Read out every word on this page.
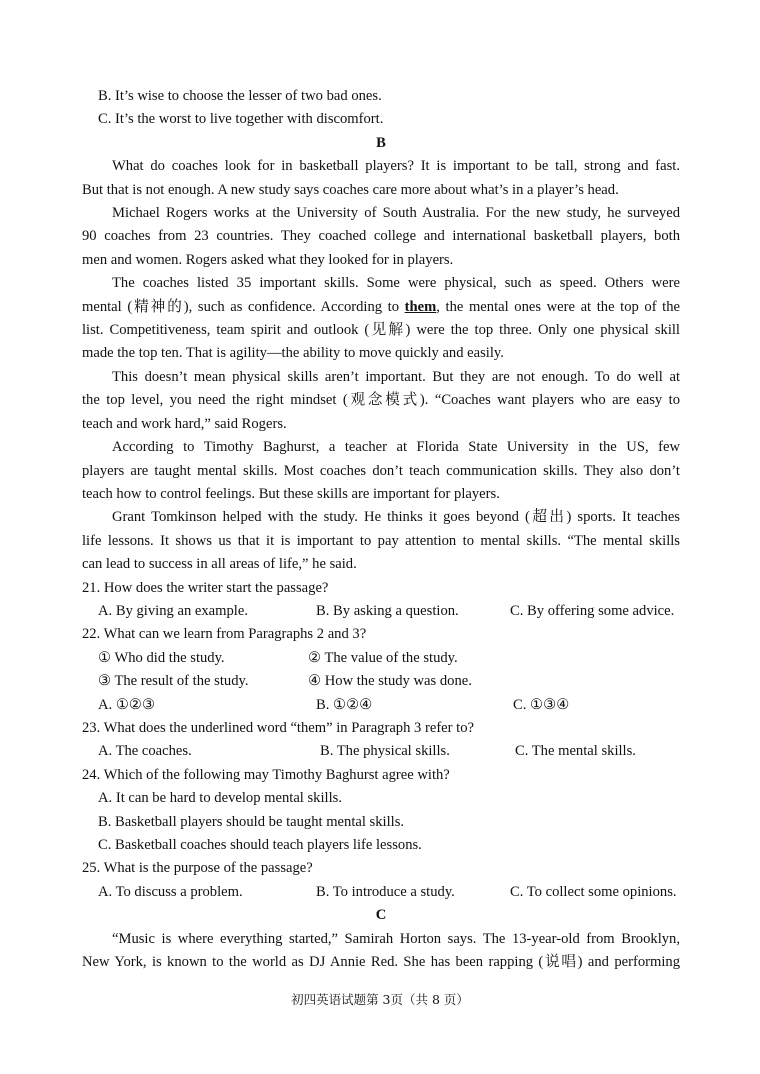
B. It’s wise to choose the lesser of two bad ones.
C. It’s the worst to live together with discomfort.
B
What do coaches look for in basketball players? It is important to be tall, strong and fast.
But that is not enough. A new study says coaches care more about what’s in a player’s head.
Michael Rogers works at the University of South Australia. For the new study, he surveyed
90 coaches from 23 countries. They coached college and international basketball players, both
men and women. Rogers asked what they looked for in players.
The coaches listed 35 important skills. Some were physical, such as speed. Others were
mental (精神的), such as confidence. According to them, the mental ones were at the top of the
list. Competitiveness, team spirit and outlook (见解) were the top three. Only one physical skill
made the top ten. That is agility—the ability to move quickly and easily.
This doesn’t mean physical skills aren’t important. But they are not enough. To do well at
the top level, you need the right mindset (观念模式). “Coaches want players who are easy to
teach and work hard,” said Rogers.
According to Timothy Baghurst, a teacher at Florida State University in the US, few
players are taught mental skills. Most coaches don’t teach communication skills. They also don’t
teach how to control feelings. But these skills are important for players.
Grant Tomkinson helped with the study. He thinks it goes beyond (超出) sports. It teaches
life lessons. It shows us that it is important to pay attention to mental skills. “The mental skills
can lead to success in all areas of life,” he said.
21. How does the writer start the passage?
A. By giving an example.	B. By asking a question.	C. By offering some advice.
22. What can we learn from Paragraphs 2 and 3?
① Who did the study.	② The value of the study.
③ The result of the study.	④ How the study was done.
A. ①②③	B. ①②④	C. ①③④
23. What does the underlined word “them” in Paragraph 3 refer to?
A. The coaches.	B. The physical skills.	C. The mental skills.
24. Which of the following may Timothy Baghurst agree with?
A. It can be hard to develop mental skills.
B. Basketball players should be taught mental skills.
C. Basketball coaches should teach players life lessons.
25. What is the purpose of the passage?
A. To discuss a problem.	B. To introduce a study.	C. To collect some opinions.
C
“Music is where everything started,” Samirah Horton says. The 13-year-old from Brooklyn,
New York, is known to the world as DJ Annie Red. She has been rapping (说唱) and performing
初四英语试题第 3页（共 8 页）
